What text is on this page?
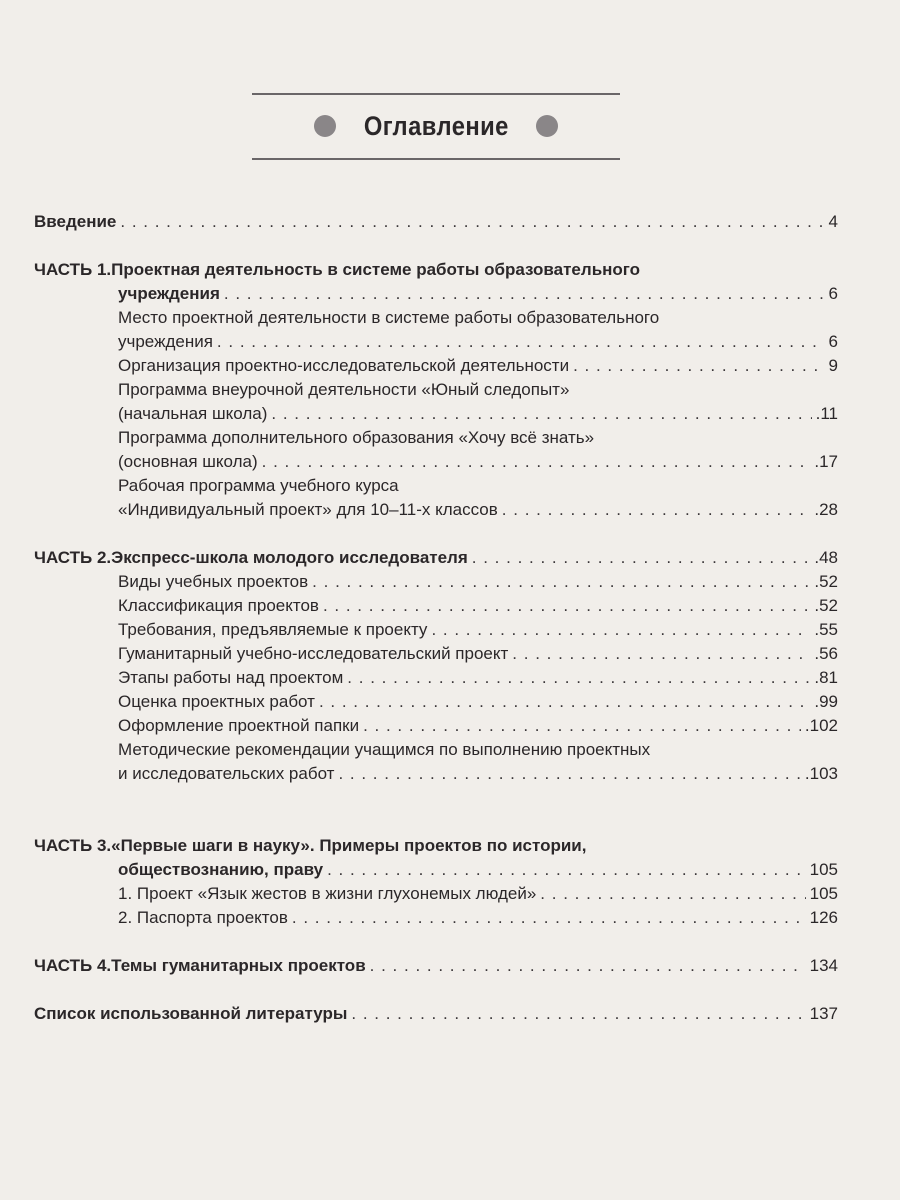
Оглавление
Введение . . .	4
ЧАСТЬ 1.Проектная деятельность в системе работы образовательного
учреждения . . .	6
Место проектной деятельности в системе работы образовательного
учреждения . . .	6
Организация проектно-исследовательской деятельности . . .	9
Программа внеурочной деятельности «Юный следопыт»
(начальная школа) . . .	.11
Программа дополнительного образования «Хочу всё знать»
(основная школа) . . .	.17
Рабочая программа учебного курса
«Индивидуальный проект» для 10–11-х классов . . .	.28
ЧАСТЬ 2.Экспресс-школа молодого исследователя . . .	.48
Виды учебных проектов . . .	.52
Классификация проектов . . .	.52
Требования, предъявляемые к проекту . . .	.55
Гуманитарный учебно-исследовательский проект . . .	.56
Этапы работы над проектом . . .	.81
Оценка проектных работ . . .	.99
Оформление проектной папки . . .	.102
Методические рекомендации учащимся по выполнению проектных
и исследовательских работ . . .	.103
ЧАСТЬ 3.«Первые шаги в науку». Примеры проектов по истории,
обществознанию, праву . . .	105
1. Проект «Язык жестов в жизни глухонемых людей» . . .	105
2. Паспорта проектов . . .	126
ЧАСТЬ 4.Темы гуманитарных проектов . . .	134
Список использованной литературы . . .	137
